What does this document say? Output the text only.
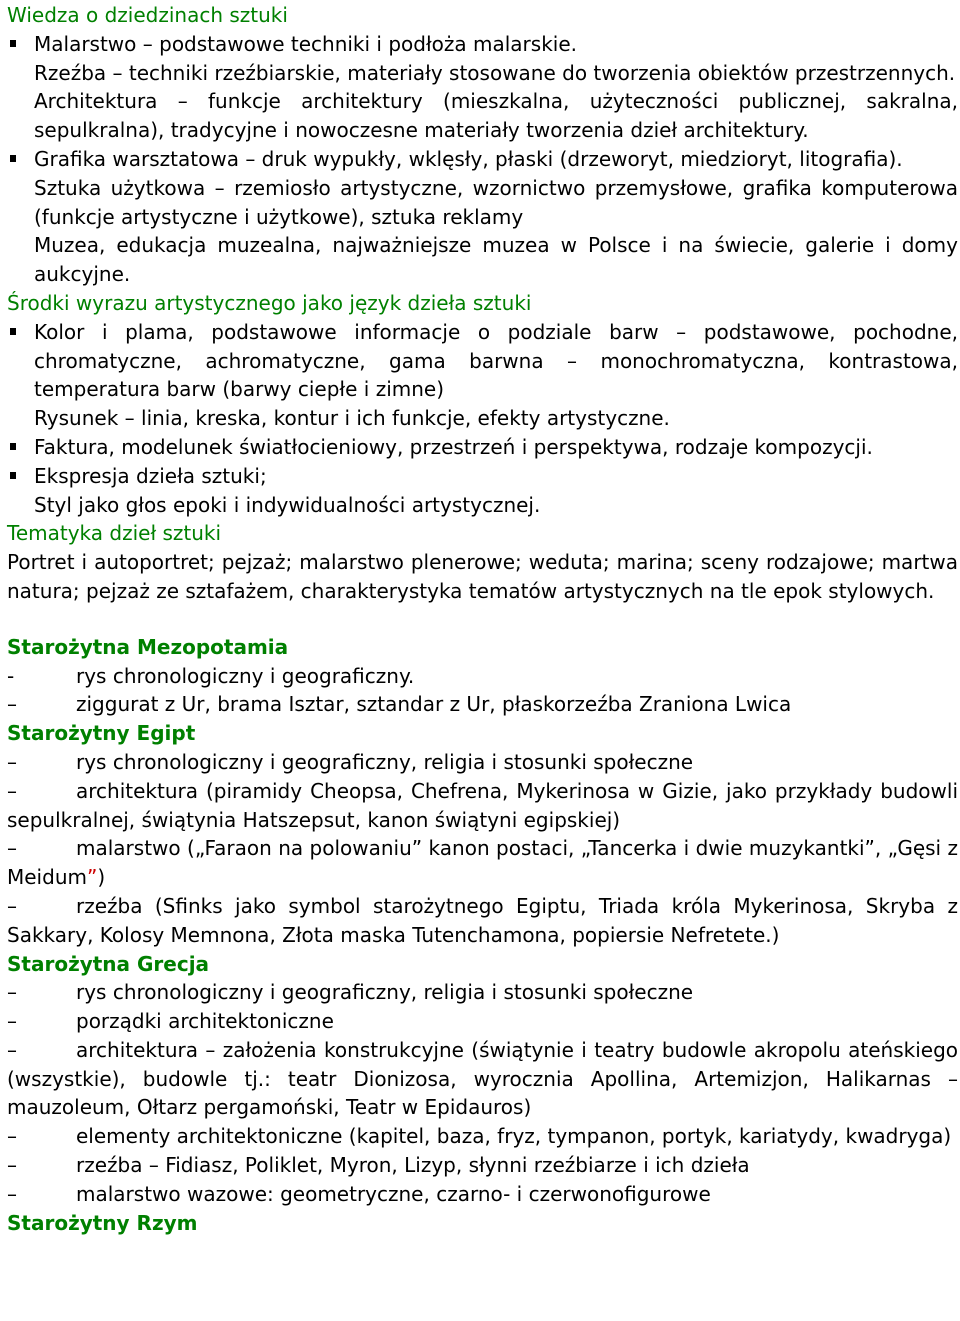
Wiedza o dziedzinach sztuki
Malarstwo – podstawowe techniki i podłoża malarskie.
Rzeźba – techniki rzeźbiarskie, materiały stosowane do tworzenia obiektów przestrzennych.
Architektura – funkcje architektury (mieszkalna, użyteczności publicznej, sakralna, sepulkralna), tradycyjne i nowoczesne materiały tworzenia dzieł architektury.
Grafika warsztatowa – druk wypukły, wklęsły, płaski (drzeworyt, miedzioryt, litografia).
Sztuka użytkowa – rzemiosło artystyczne, wzornictwo przemysłowe, grafika komputerowa (funkcje artystyczne i użytkowe), sztuka reklamy
Muzea, edukacja muzealna, najważniejsze muzea w Polsce i na świecie, galerie i domy aukcyjne.
Środki wyrazu artystycznego jako język dzieła sztuki
Kolor i plama, podstawowe informacje o podziale barw – podstawowe, pochodne, chromatyczne, achromatyczne, gama barwna – monochromatyczna, kontrastowa, temperatura barw (barwy ciepłe i zimne)
Rysunek – linia, kreska, kontur i ich funkcje, efekty artystyczne.
Faktura, modelunek światłocieniowy, przestrzeń i perspektywa, rodzaje kompozycji.
Ekspresja dzieła sztuki;
Styl jako głos epoki i indywidualności artystycznej.
Tematyka dzieł sztuki
Portret i autoportret; pejzaż; malarstwo plenerowe; weduta; marina; sceny rodzajowe; martwa natura; pejzaż ze sztafażem, charakterystyka tematów artystycznych na tle epok stylowych.
Starożytna Mezopotamia
-	rys chronologiczny i geograficzny.
–	ziggurat z Ur, brama Isztar, sztandar z Ur, płaskorzeźba Zraniona Lwica
Starożytny Egipt
–	rys chronologiczny i geograficzny, religia i stosunki społeczne
–	architektura (piramidy Cheopsa, Chefrena, Mykerinosa w Gizie, jako przykłady budowli sepulkralnej, świątynia Hatszepsut, kanon świątyni egipskiej)
–	malarstwo („Faraon na polowaniu” kanon postaci, „Tancerka i dwie muzykantki”, „Gęsi z Meidum”)
–	rzeźba (Sfinks jako symbol starożytnego Egiptu, Triada króla Mykerinosa, Skryba z Sakkary, Kolosy Memnona, Złota maska Tutenchamona, popiersie Nefretete.)
Starożytna Grecja
–	rys chronologiczny i geograficzny, religia i stosunki społeczne
–	porządki architektoniczne
–	architektura – założenia konstrukcyjne (świątynie i teatry budowle akropolu ateńskiego (wszystkie), budowle tj.: teatr Dionizosa, wyrocznia Apollina, Artemizjon, Halikarnas – mauzoleum, Ołtarz pergamoński, Teatr w Epidauros)
–	elementy architektoniczne (kapitel, baza, fryz, tympanon, portyk, kariatydy, kwadryga)
–	rzeźba – Fidiasz, Poliklet, Myron, Lizyp, słynni rzeźbiarze i ich dzieła
–	malarstwo wazowe: geometryczne, czarno- i czerwonofigurowe
Starożytny Rzym
